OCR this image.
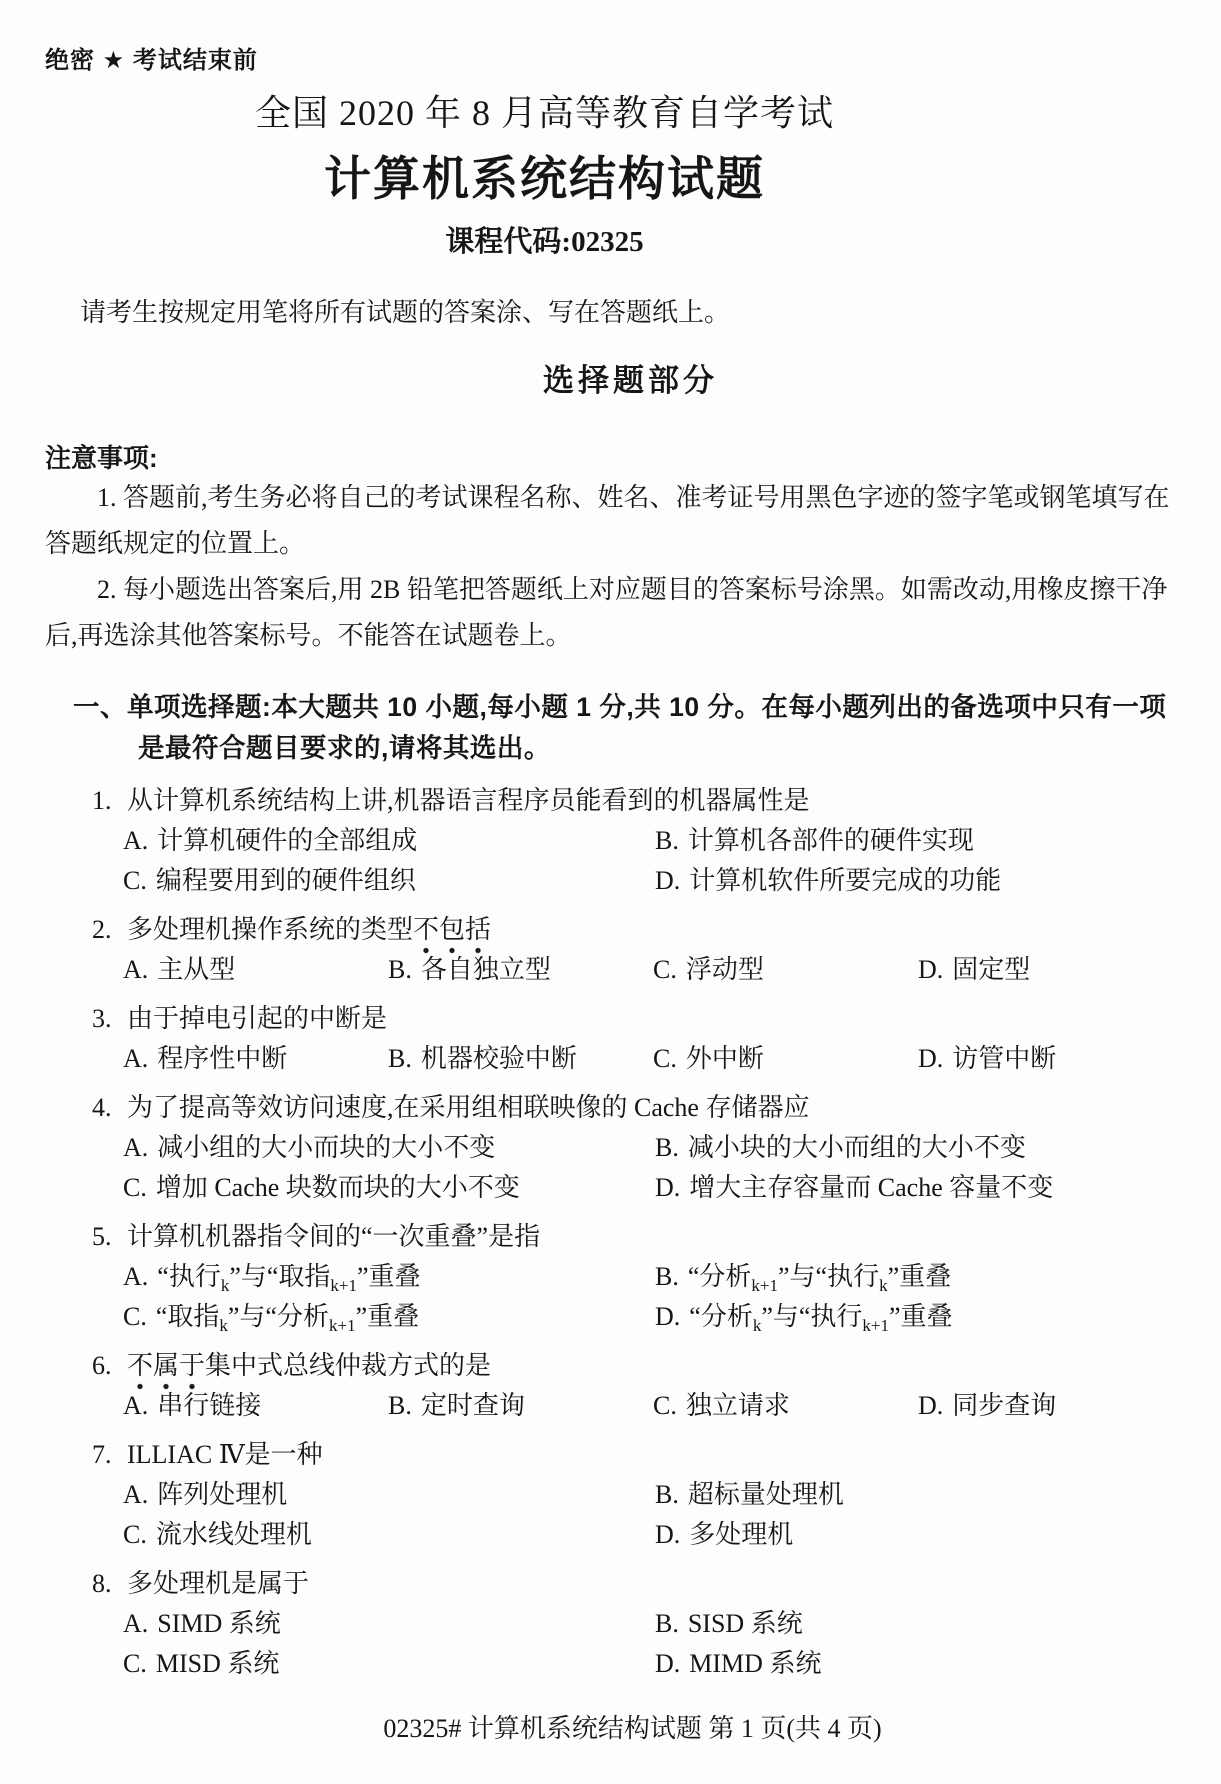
绝密 ★ 考试结束前
全国 2020 年 8 月高等教育自学考试
计算机系统结构试题
课程代码:02325
请考生按规定用笔将所有试题的答案涂、写在答题纸上。
选择题部分
注意事项:

1. 答题前,考生务必将自己的考试课程名称、姓名、准考证号用黑色字迹的签字笔或钢笔填写在答题纸规定的位置上。

2. 每小题选出答案后,用 2B 铅笔把答题纸上对应题目的答案标号涂黑。如需改动,用橡皮擦干净后,再选涂其他答案标号。不能答在试题卷上。

一、单项选择题:本大题共 10 小题,每小题 1 分,共 10 分。在每小题列出的备选项中只有一项是最符合题目要求的,请将其选出。

1. 从计算机系统结构上讲,机器语言程序员能看到的机器属性是
A. 计算机硬件的全部组成	B. 计算机各部件的硬件实现
C. 编程要用到的硬件组织	D. 计算机软件所要完成的功能
2. 多处理机操作系统的类型不包括
A. 主从型	B. 各自独立型	C. 浮动型	D. 固定型
3. 由于掉电引起的中断是
A. 程序性中断	B. 机器校验中断	C. 外中断	D. 访管中断
4. 为了提高等效访问速度,在采用组相联映像的 Cache 存储器应
A. 减小组的大小而块的大小不变	B. 减小块的大小而组的大小不变
C. 增加 Cache 块数而块的大小不变	D. 增大主存容量而 Cache 容量不变
5. 计算机机器指令间的“一次重叠”是指
A. “执行$_k$”与“取指$_{k+1}$”重叠	B. “分析$_{k+1}$”与“执行$_k$”重叠
C. “取指$_k$”与“分析$_{k+1}$”重叠	D. “分析$_k$”与“执行$_{k+1}$”重叠
6. 不属于集中式总线仲裁方式的是
A. 串行链接	B. 定时查询	C. 独立请求	D. 同步查询
7. ILLIAC Ⅳ是一种
A. 阵列处理机	B. 超标量处理机
C. 流水线处理机	D. 多处理机
8. 多处理机是属于
A. SIMD 系统	B. SISD 系统
C. MISD 系统	D. MIMD 系统
02325# 计算机系统结构试题 第 1 页(共 4 页)
